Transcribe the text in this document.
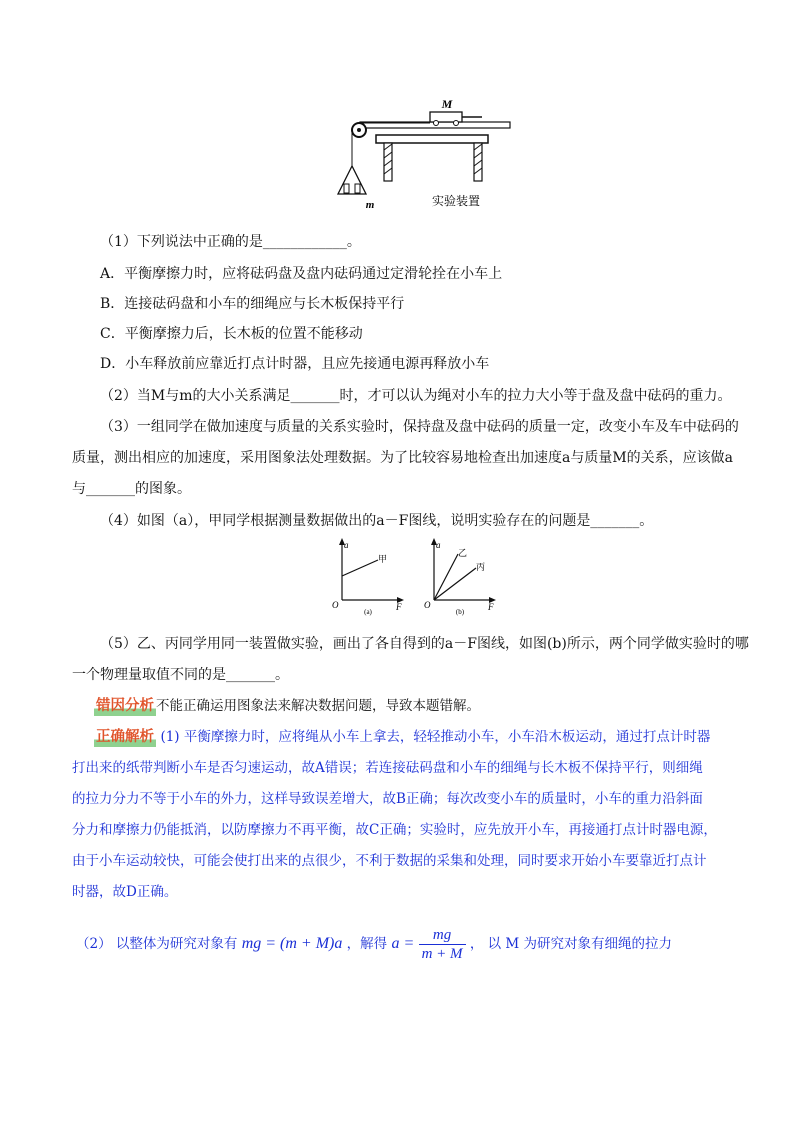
M
m	实验装置
（1）下列说法中正确的是____________。
A．平衡摩擦力时，应将砝码盘及盘内砝码通过定滑轮拴在小车上
B．连接砝码盘和小车的细绳应与长木板保持平行
C．平衡摩擦力后，长木板的位置不能移动
D．小车释放前应靠近打点计时器，且应先接通电源再释放小车
（2）当M与m的大小关系满足_______时，才可以认为绳对小车的拉力大小等于盘及盘中砝码的重力。
（3）一组同学在做加速度与质量的关系实验时，保持盘及盘中砝码的质量一定，改变小车及车中砝码的
质量，测出相应的加速度，采用图象法处理数据。为了比较容易地检查出加速度a与质量M的关系，应该做a
与_______的图象。
（4）如图（a），甲同学根据测量数据做出的a－F图线，说明实验存在的问题是_______。
a
F
O
甲
(a)
a
F
O
乙
丙
(b)
（5）乙、丙同学用同一装置做实验，画出了各自得到的a－F图线，如图(b)所示，两个同学做实验时的哪
一个物理量取值不同的是_______。
错因分析 不能正确运用图象法来解决数据问题，导致本题错解。
正确解析 (1) 平衡摩擦力时，应将绳从小车上拿去，轻轻推动小车，小车沿木板运动，通过打点计时器
打出来的纸带判断小车是否匀速运动，故A错误；若连接砝码盘和小车的细绳与长木板不保持平行，则细绳
的拉力分力不等于小车的外力，这样导致误差增大，故B正确；每次改变小车的质量时，小车的重力沿斜面
分力和摩擦力仍能抵消，以防摩擦力不再平衡，故C正确；实验时，应先放开小车，再接通打点计时器电源，
由于小车运动较快，可能会使打出来的点很少，不利于数据的采集和处理，同时要求开始小车要靠近打点计
时器，故D正确。
（2） 以整体为研究对象有 mg = (m + M)a ，解得 $a = \frac{mg}{m + M}$ ， 以 M 为研究对象有细绳的拉力
